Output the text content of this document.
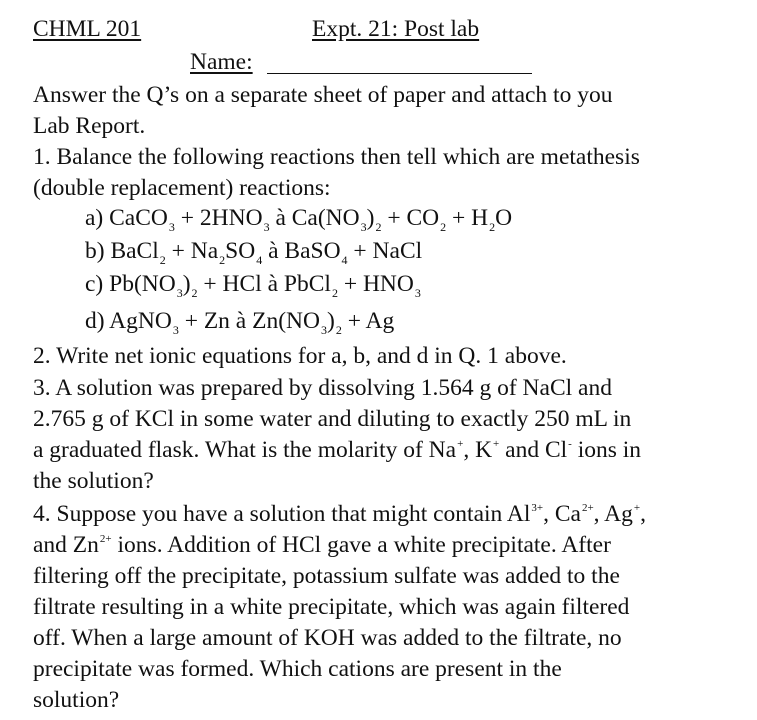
CHML 201	Expt. 21: Post lab
Name:
Answer the Q’s on a separate sheet of paper and attach to you
Lab Report.
1. Balance the following reactions then tell which are metathesis
(double replacement) reactions:
a) CaCO$_3$ + $2HNO_3$ à $Ca(NO_3)_2 + CO_2 + H_2O$
b) BaCl$_2$ + $Na_2SO_4$ à BaSO$_4$ + NaCl
c) $Pb(NO_3)_2$ + HCl à PbCl$_2$ + $HNO_3$
d) AgNO$_3$ + Zn à $Zn(NO_3)_2 + Ag$
2. Write net ionic equations for a, b, and d in Q. 1 above.
3. A solution was prepared by dissolving 1.564 g of NaCl and
2.765 g of KCl in some water and diluting to exactly 250 mL in
a graduated flask. What is the molarity of Na+, K+ and Cl- ions in
the solution?
4. Suppose you have a solution that might contain $Al^{3+}$, $Ca^{2+}$, Ag+,
and $Zn^{2+}$ ions. Addition of HCl gave a white precipitate. After
filtering off the precipitate, potassium sulfate was added to the
filtrate resulting in a white precipitate, which was again filtered
off. When a large amount of KOH was added to the filtrate, no
precipitate was formed. Which cations are present in the
solution?
